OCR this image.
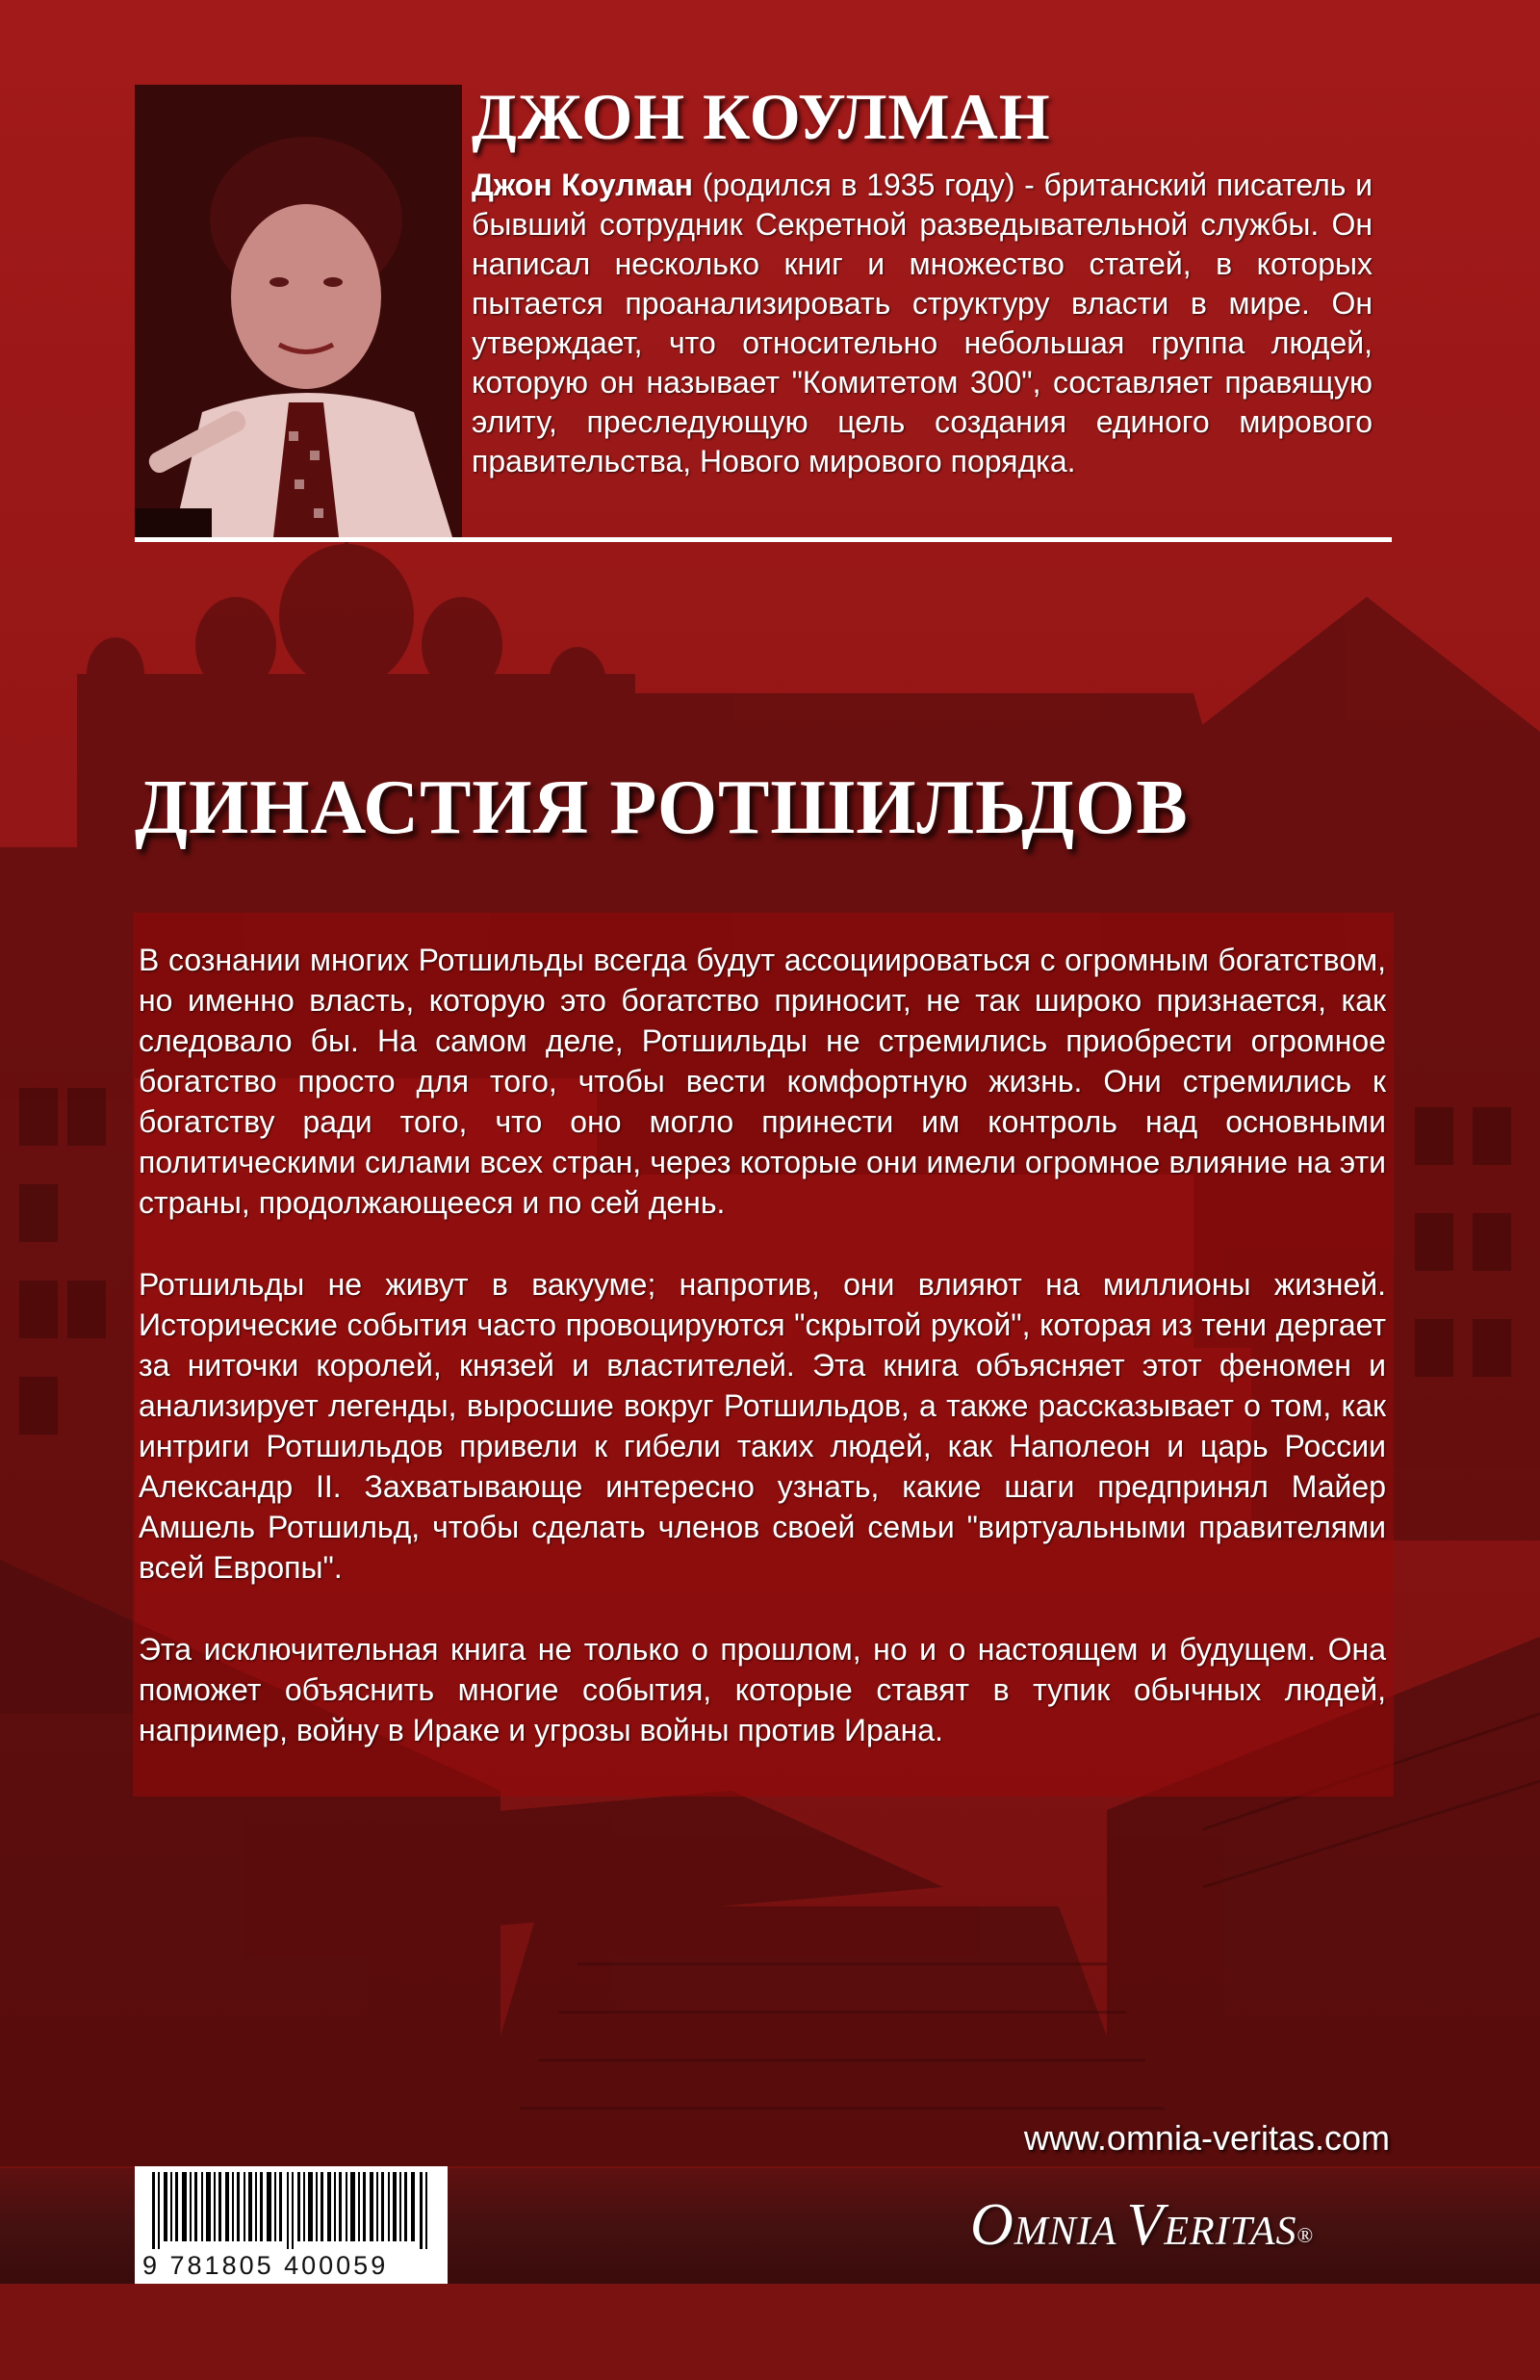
ДЖОН КОУЛМАН

Джон Коулман (родился в 1935 году) - британский писатель и бывший сотрудник Секретной разведывательной службы. Он написал несколько книг и множество статей, в которых пытается проанализировать структуру власти в мире. Он утверждает, что относительно небольшая группа людей, которую он называет "Комитетом 300", составляет правящую элиту, преследующую цель создания единого мирового правительства, Нового мирового порядка.

ДИНАСТИЯ РОТШИЛЬДОВ

В сознании многих Ротшильды всегда будут ассоциироваться с огромным богатством, но именно власть, которую это богатство приносит, не так широко признается, как следовало бы. На самом деле, Ротшильды не стремились приобрести огромное богатство просто для того, чтобы вести комфортную жизнь. Они стремились к богатству ради того, что оно могло принести им контроль над основными политическими силами всех стран, через которые они имели огромное влияние на эти страны, продолжающееся и по сей день.

Ротшильды не живут в вакууме; напротив, они влияют на миллионы жизней. Исторические события часто провоцируются "скрытой рукой", которая из тени дергает за ниточки королей, князей и властителей. Эта книга объясняет этот феномен и анализирует легенды, выросшие вокруг Ротшильдов, а также рассказывает о том, как интриги Ротшильдов привели к гибели таких людей, как Наполеон и царь России Александр II. Захватывающе интересно узнать, какие шаги предпринял Майер Амшель Ротшильд, чтобы сделать членов своей семьи "виртуальными правителями всей Европы".

Эта исключительная книга не только о прошлом, но и о настоящем и будущем. Она поможет объяснить многие события, которые ставят в тупик обычных людей, например, войну в Ираке и угрозы войны против Ирана.

www.omnia-veritas.com

9 781805 400059
OMNIA VERITAS®
